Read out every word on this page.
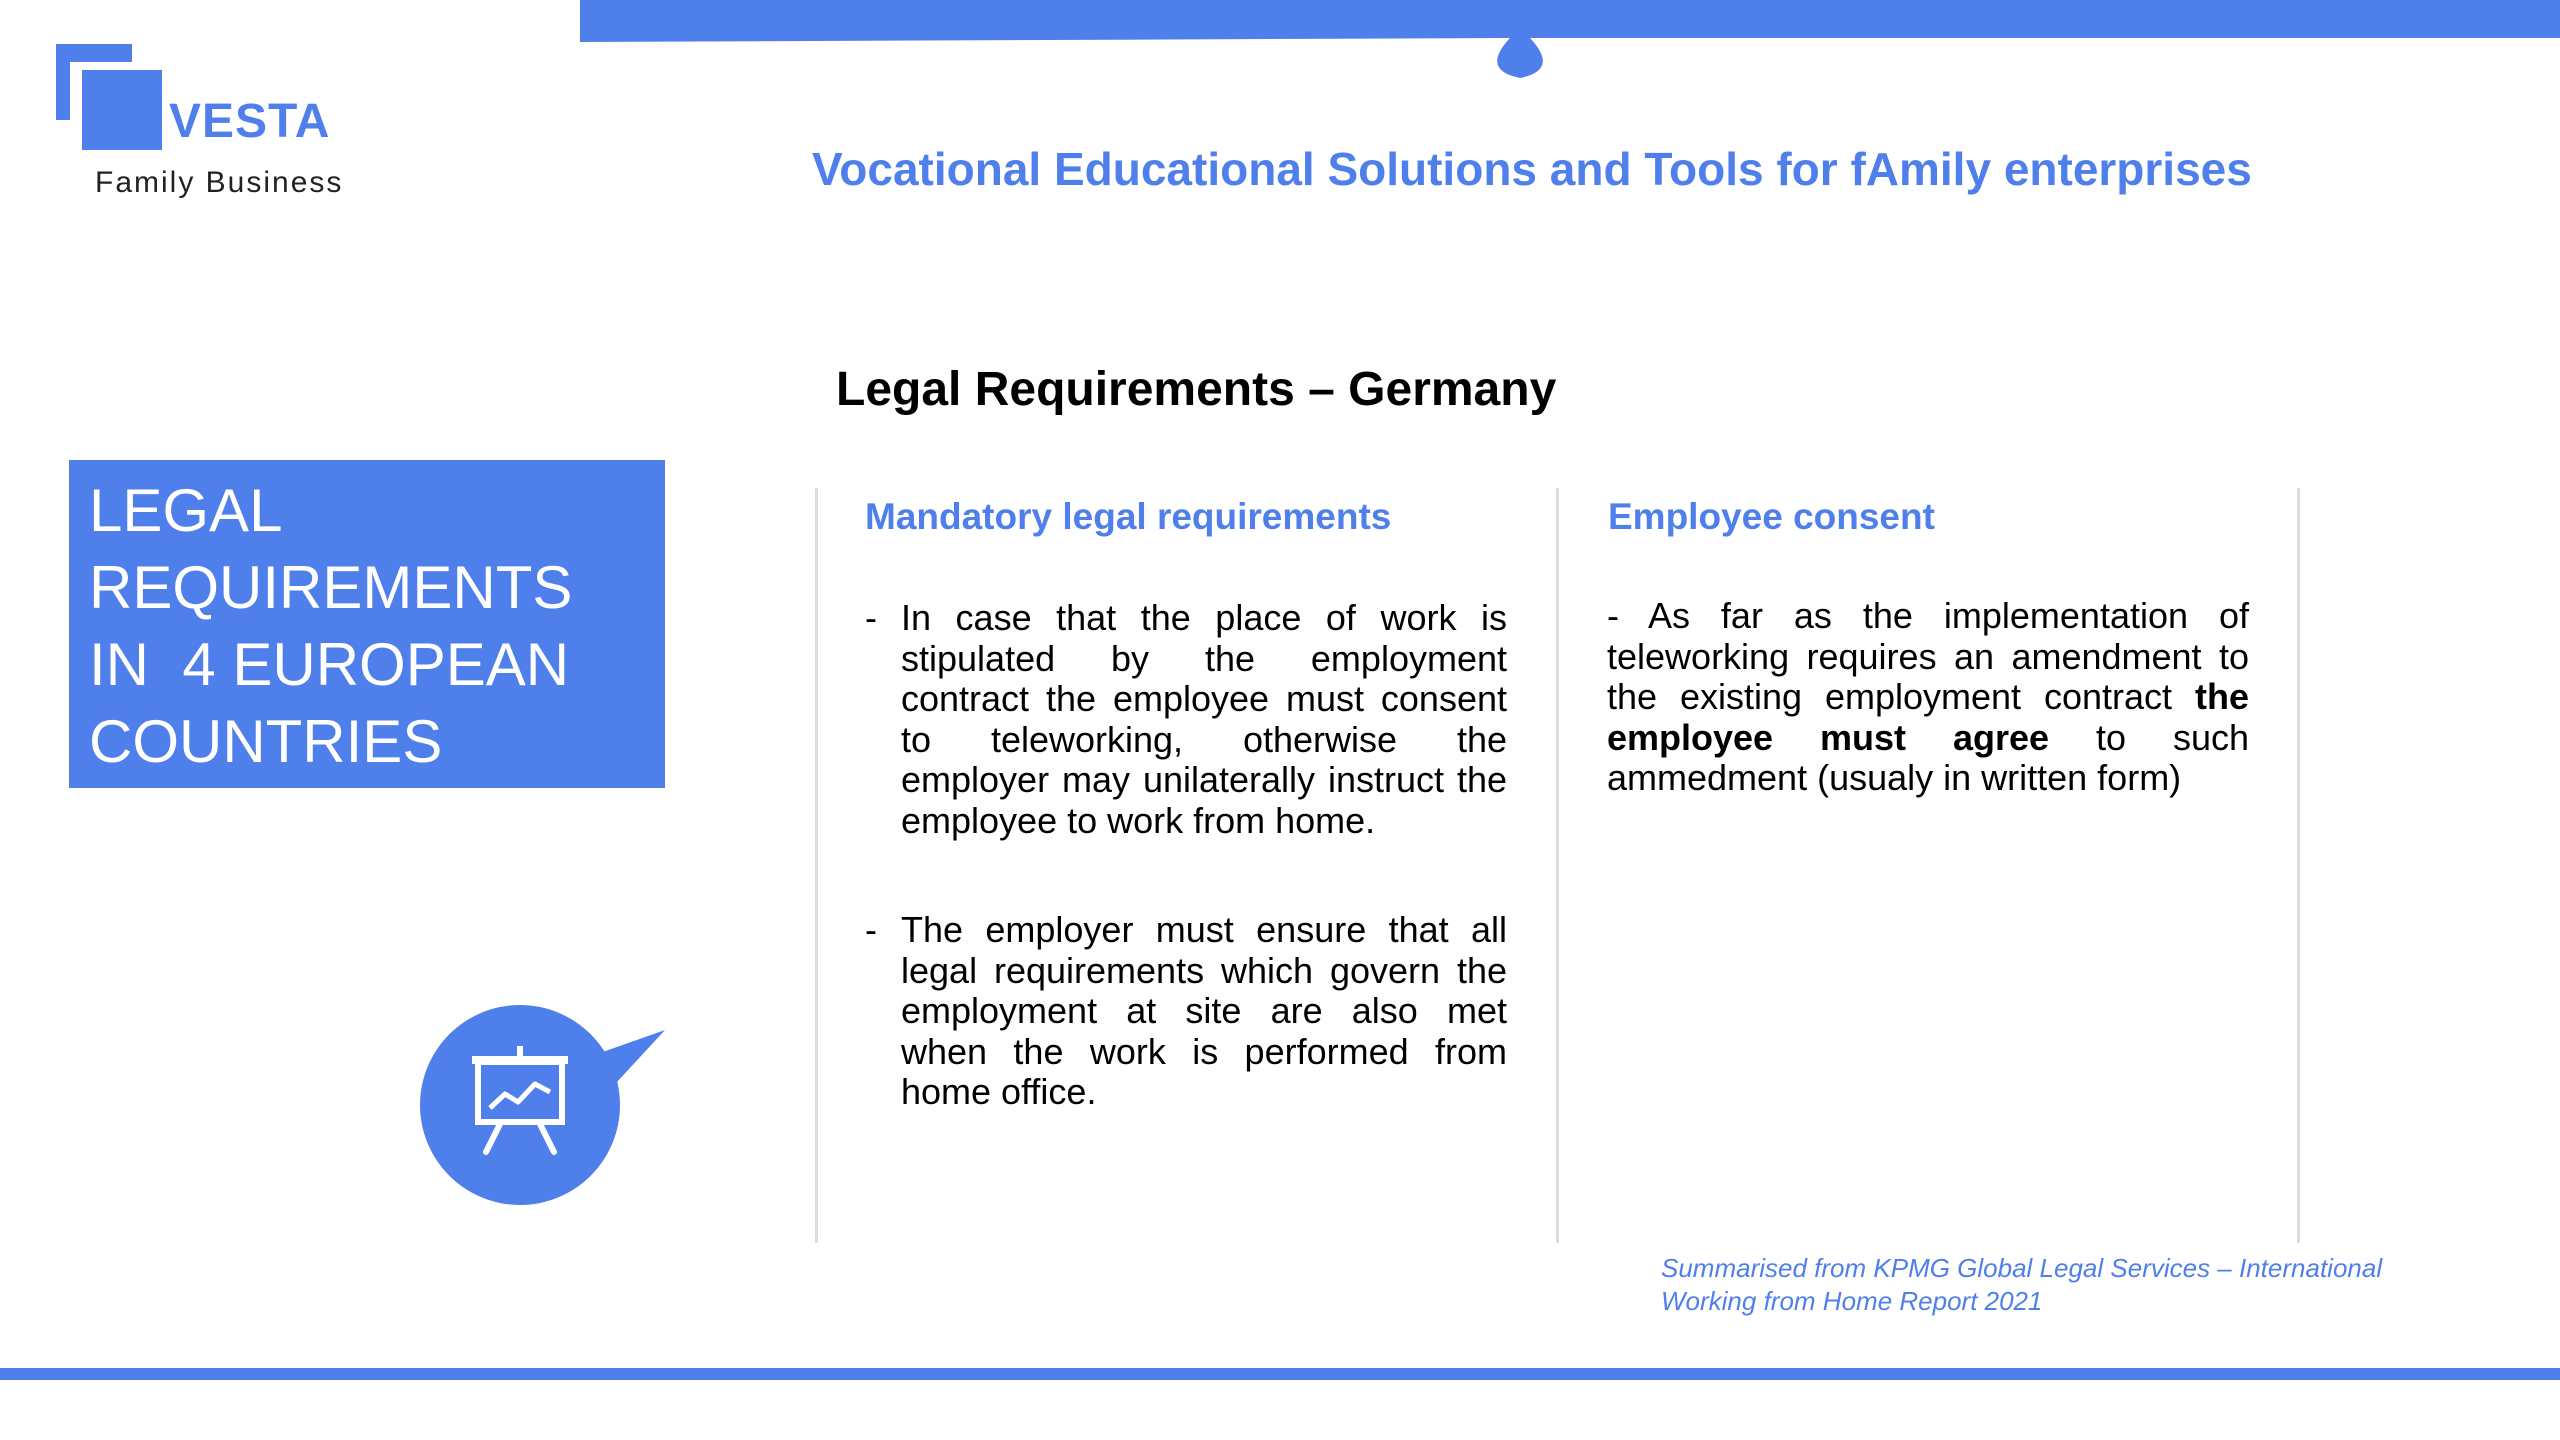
VESTA
Family Business	Vocational Educational Solutions and Tools for fAmily enterprises
Legal Requirements – Germany
LEGAL
REQUIREMENTS
IN  4 EUROPEAN
COUNTRIES
Mandatory legal requirements
- In case that the place of work is stipulated by the employment contract the employee must consent to teleworking, otherwise the employer may unilaterally instruct the employee to work from home.
- The employer must ensure that all legal requirements which govern the employment at site are also met when the work is performed from home office.
Employee consent
- As far as the implementation of teleworking requires an amendment to the existing employment contract the employee must agree to such ammedment (usualy in written form)
Summarised from KPMG Global Legal Services – International
Working from Home Report 2021
